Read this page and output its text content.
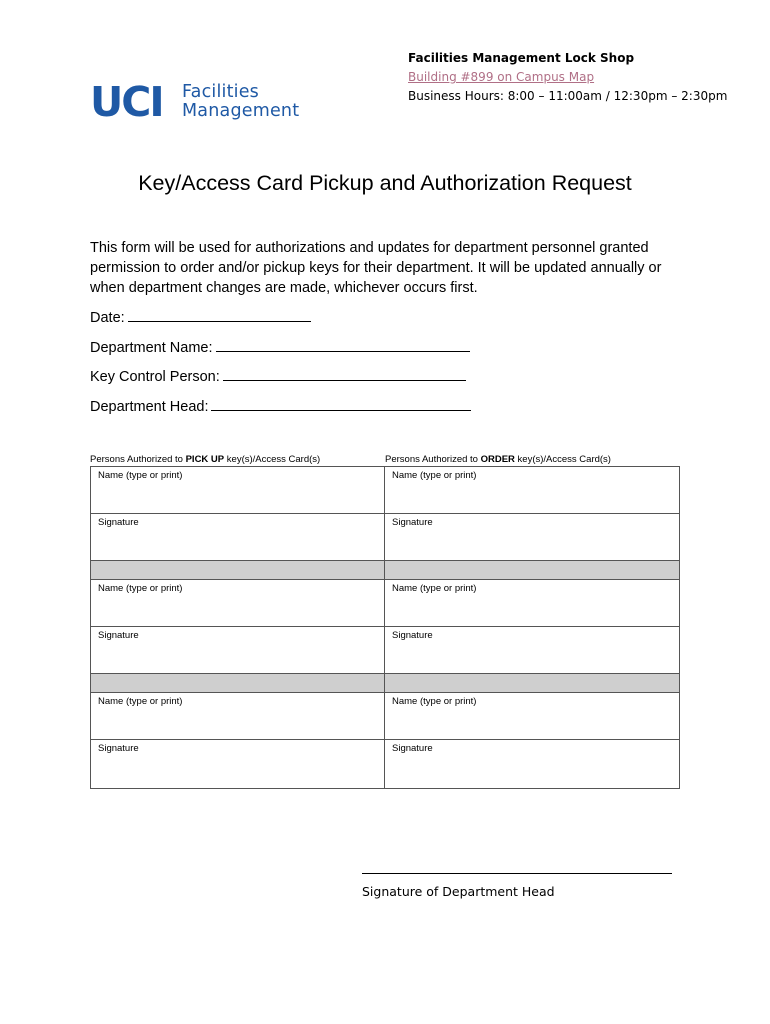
UCI Facilities
Management
Facilities Management Lock Shop
Building #899 on Campus Map
Business Hours: 8:00 – 11:00am / 12:30pm – 2:30pm
Key/Access Card Pickup and Authorization Request
This form will be used for authorizations and updates for department personnel granted permission to order and/or pickup keys for their department. It will be updated annually or when department changes are made, whichever occurs first.
Date:
Department Name:
Key Control Person:
Department Head:
Persons Authorized to PICK UP key(s)/Access Card(s)	Persons Authorized to ORDER key(s)/Access Card(s)
Name (type or print)	Name (type or print)
Signature	Signature
Name (type or print)	Name (type or print)
Signature	Signature
Name (type or print)	Name (type or print)
Signature	Signature
Signature of Department Head
